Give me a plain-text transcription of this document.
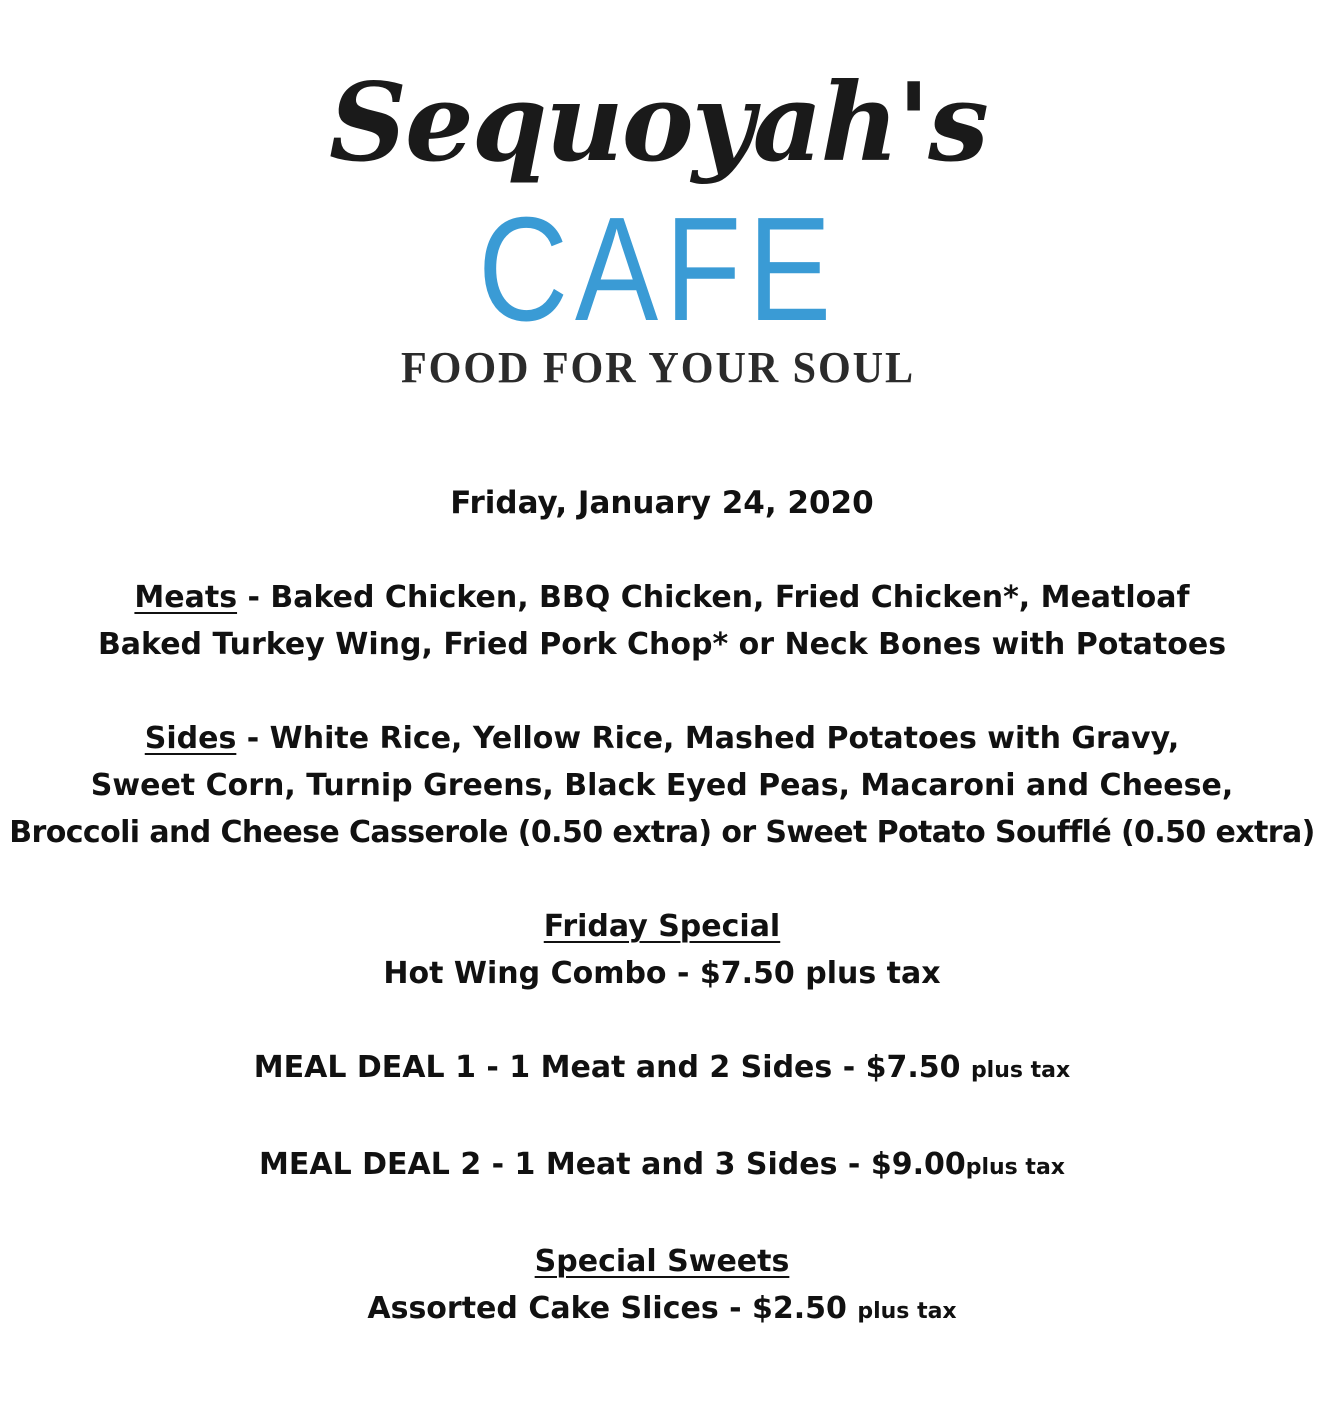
Sequoyah's
CAFE
FOOD FOR YOUR SOUL
Friday, January 24, 2020
Meats - Baked Chicken, BBQ Chicken, Fried Chicken*, Meatloaf
Baked Turkey Wing, Fried Pork Chop* or Neck Bones with Potatoes
Sides - White Rice, Yellow Rice, Mashed Potatoes with Gravy,
Sweet Corn, Turnip Greens, Black Eyed Peas, Macaroni and Cheese,
Broccoli and Cheese Casserole (0.50 extra) or Sweet Potato Soufflé (0.50 extra)
Friday Special
Hot Wing Combo - $7.50 plus tax
MEAL DEAL 1 - 1 Meat and 2 Sides - $7.50 plus tax
MEAL DEAL 2 - 1 Meat and 3 Sides - $9.00plus tax
Special Sweets
Assorted Cake Slices - $2.50 plus tax
